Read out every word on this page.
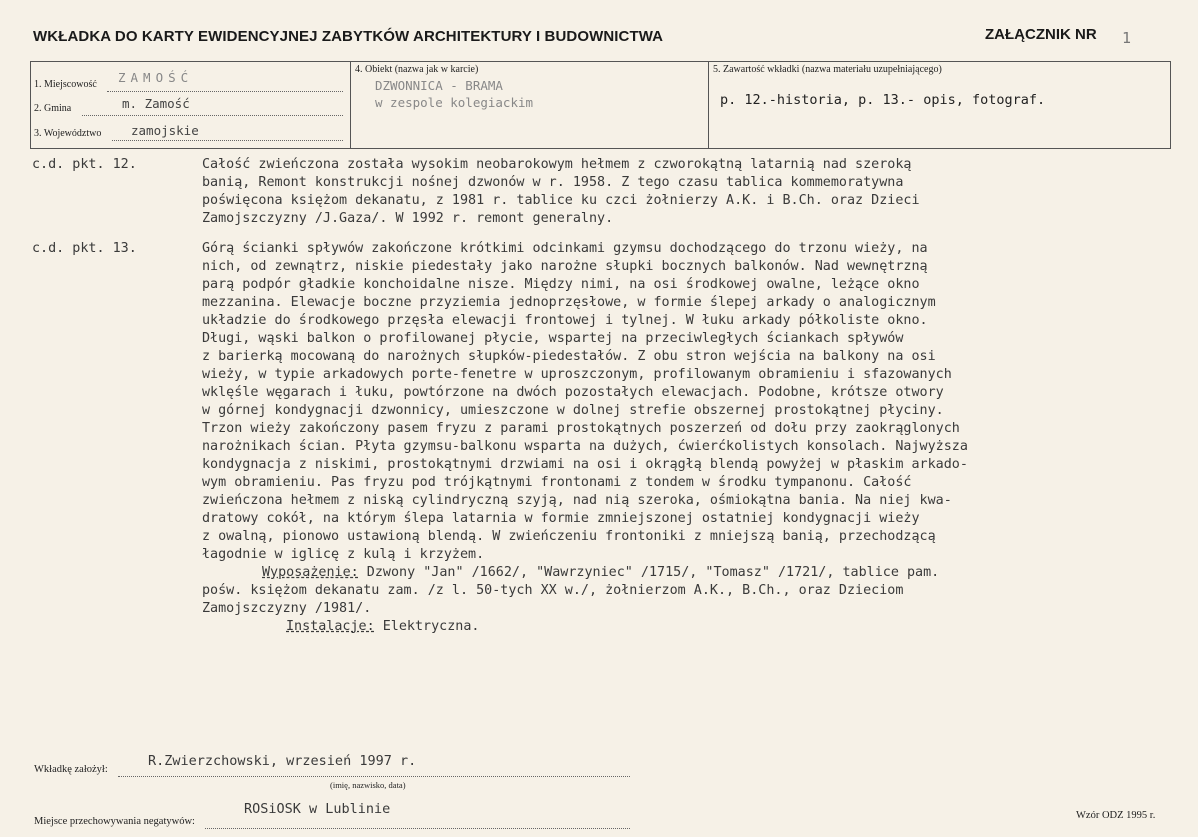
WKŁADKA DO KARTY EWIDENCYJNEJ ZABYTKÓW ARCHITEKTURY I BUDOWNICTWA	ZAŁĄCZNIK NR 1
1. Miejscowość ZAMOŚĆ
2. Gmina	m. Zamość
3. Województwo zamojskie
4. Obiekt (nazwa jak w karcie)
DZWONNICA - BRAMA
w zespole kolegiackim
5. Zawartość wkładki (nazwa materiału uzupełniającego)
p. 12.-historia, p. 13.- opis, fotograf.
c.d. pkt. 12.	Całość zwieńczona została wysokim neobarokowym hełmem z czworokątną latarnią nad szeroką
banią, Remont konstrukcji nośnej dzwonów w r. 1958. Z tego czasu tablica kommemoratywna
poświęcona księżom dekanatu, z 1981 r. tablice ku czci żołnierzy A.K. i B.Ch. oraz Dzieci
Zamojszczyzny /J.Gaza/. W 1992 r. remont generalny.
c.d. pkt. 13.	Górą ścianki spływów zakończone krótkimi odcinkami gzymsu dochodzącego do trzonu wieży, na
nich, od zewnątrz, niskie piedestały jako narożne słupki bocznych balkonów. Nad wewnętrzną
parą podpór gładkie konchoidalne nisze. Między nimi, na osi środkowej owalne, leżące okno
mezzanina. Elewacje boczne przyziemia jednoprzęsłowe, w formie ślepej arkady o analogicznym
układzie do środkowego przęsła elewacji frontowej i tylnej. W łuku arkady półkoliste okno.
Długi, wąski balkon o profilowanej płycie, wspartej na przeciwległych ściankach spływów
z barierką mocowaną do narożnych słupków-piedestałów. Z obu stron wejścia na balkony na osi
wieży, w typie arkadowych porte-fenetre w uproszczonym, profilowanym obramieniu i sfazowanych
wklęśle węgarach i łuku, powtórzone na dwóch pozostałych elewacjach. Podobne, krótsze otwory
w górnej kondygnacji dzwonnicy, umieszczone w dolnej strefie obszernej prostokątnej płyciny.
Trzon wieży zakończony pasem fryzu z parami prostokątnych poszerzeń od dołu przy zaokrąglonych
narożnikach ścian. Płyta gzymsu-balkonu wsparta na dużych, ćwierćkolistych konsolach. Najwyższa
kondygnacja z niskimi, prostokątnymi drzwiami na osi i okrągłą blendą powyżej w płaskim arkado-
wym obramieniu. Pas fryzu pod trójkątnymi frontonami z tondem w środku tympanonu. Całość
zwieńczona hełmem z niską cylindryczną szyją, nad nią szeroka, ośmiokątna bania. Na niej kwa-
dratowy cokół, na którym ślepa latarnia w formie zmniejszonej ostatniej kondygnacji wieży
z owalną, pionowo ustawioną blendą. W zwieńczeniu frontoniki z mniejszą banią, przechodzącą
łagodnie w iglicę z kulą i krzyżem.
Wyposażenie: Dzwony "Jan" /1662/, "Wawrzyniec" /1715/, "Tomasz" /1721/, tablice pam.
pośw. księżom dekanatu zam. /z l. 50-tych XX w./, żołnierzom A.K., B.Ch., oraz Dzieciom
Zamojszczyzny /1981/.
Instalacje: Elektryczna.
Wkładkę założył:
R.Zwierzchowski, wrzesień 1997 r.
(imię, nazwisko, data)
Miejsce przechowywania negatywów:
ROSiOSK w Lublinie	Wzór ODZ 1995 r.
